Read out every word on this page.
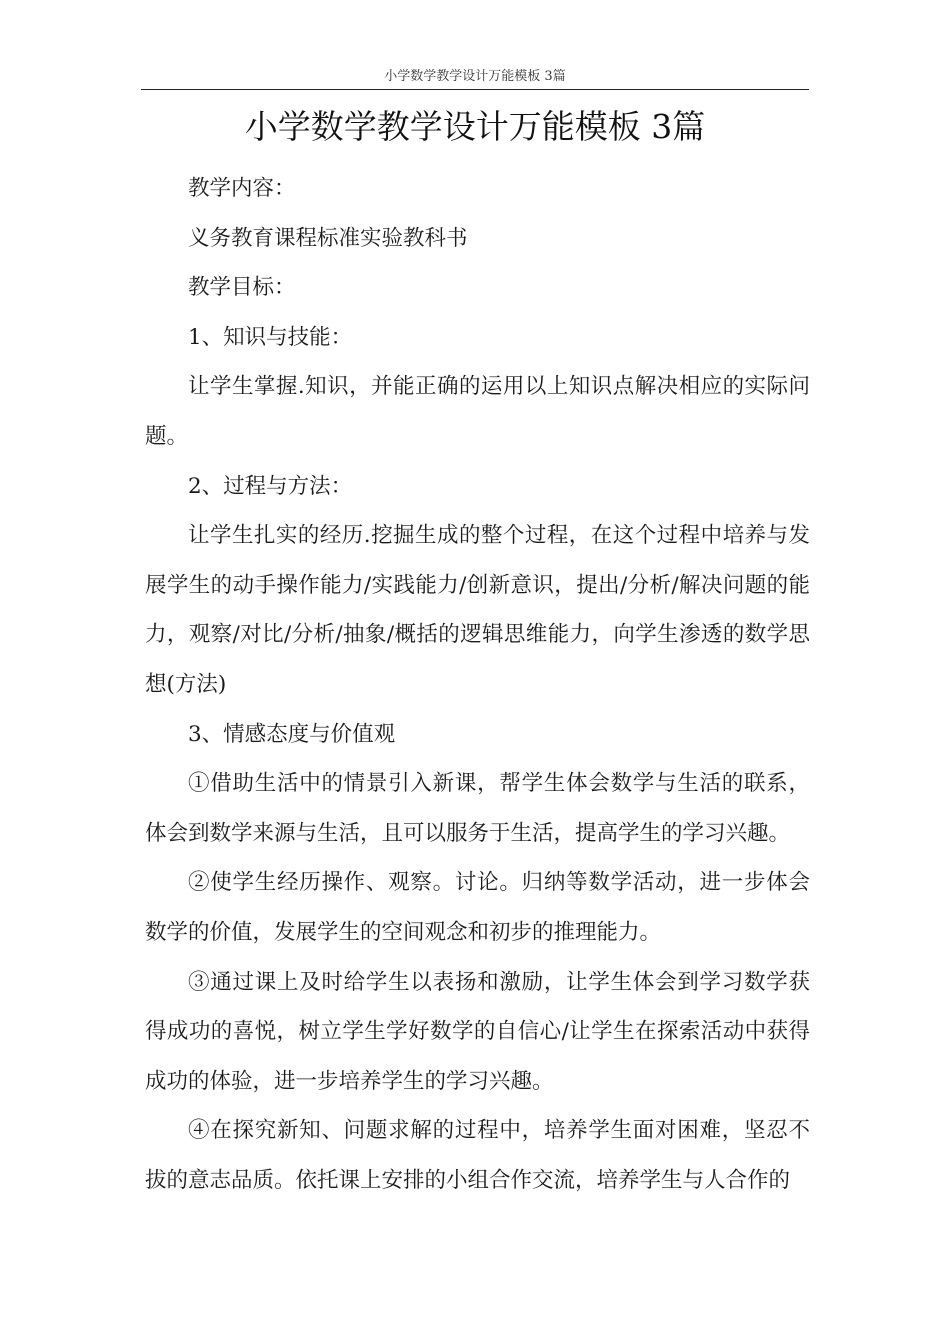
小学数学教学设计万能模板 3篇
小学数学教学设计万能模板 3篇

教学内容：

义务教育课程标准实验教科书

教学目标：

1、知识与技能：

让学生掌握.知识，并能正确的运用以上知识点解决相应的实际问题。

2、过程与方法：

让学生扎实的经历.挖掘生成的整个过程，在这个过程中培养与发展学生的动手操作能力/实践能力/创新意识，提出/分析/解决问题的能力，观察/对比/分析/抽象/概括的逻辑思维能力，向学生渗透的数学思想(方法)

3、情感态度与价值观

①借助生活中的情景引入新课，帮学生体会数学与生活的联系，体会到数学来源与生活，且可以服务于生活，提高学生的学习兴趣。

②使学生经历操作、观察。讨论。归纳等数学活动，进一步体会数学的价值，发展学生的空间观念和初步的推理能力。

③通过课上及时给学生以表扬和激励，让学生体会到学习数学获得成功的喜悦，树立学生学好数学的自信心/让学生在探索活动中获得成功的体验，进一步培养学生的学习兴趣。

④在探究新知、问题求解的过程中，培养学生面对困难，坚忍不拔的意志品质。依托课上安排的小组合作交流，培养学生与人合作的
